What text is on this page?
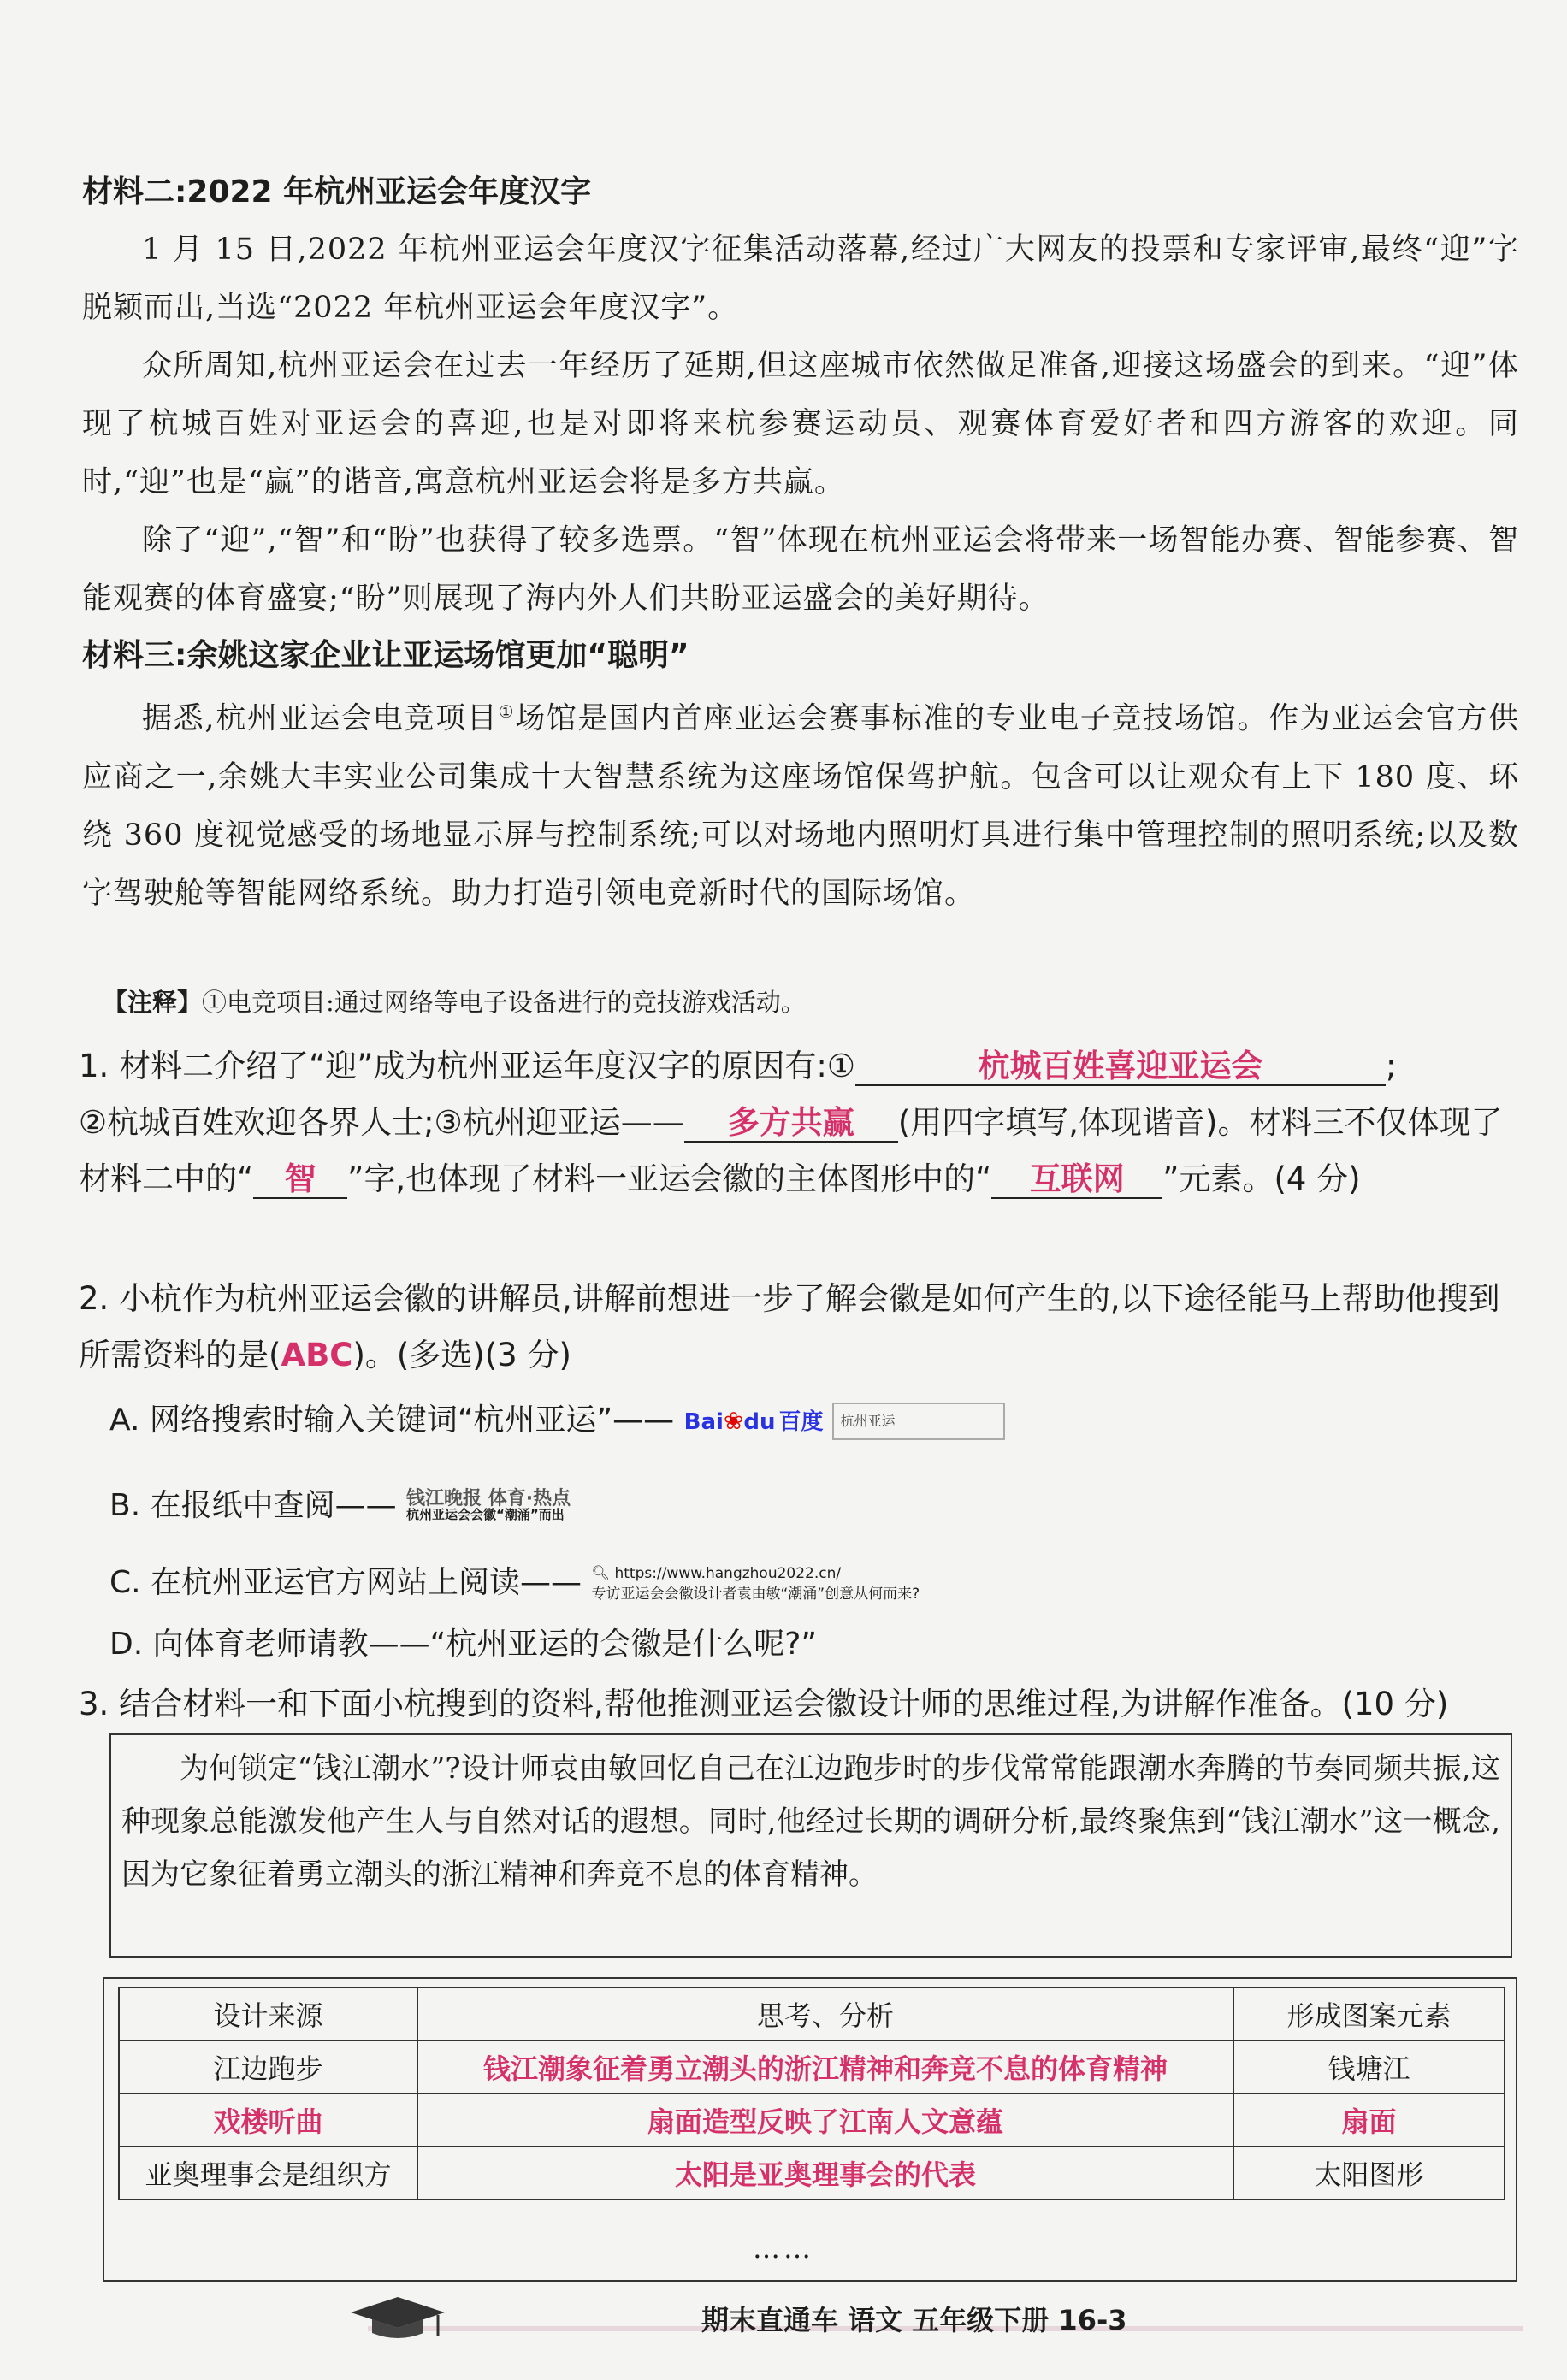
材料二:2022 年杭州亚运会年度汉字
1 月 15 日,2022 年杭州亚运会年度汉字征集活动落幕,经过广大网友的投票和专家评审,最终“迎”字脱颖而出,当选“2022 年杭州亚运会年度汉字”。
众所周知,杭州亚运会在过去一年经历了延期,但这座城市依然做足准备,迎接这场盛会的到来。“迎”体现了杭城百姓对亚运会的喜迎,也是对即将来杭参赛运动员、观赛体育爱好者和四方游客的欢迎。同时,“迎”也是“赢”的谐音,寓意杭州亚运会将是多方共赢。
除了“迎”,“智”和“盼”也获得了较多选票。“智”体现在杭州亚运会将带来一场智能办赛、智能参赛、智能观赛的体育盛宴;“盼”则展现了海内外人们共盼亚运盛会的美好期待。
材料三:余姚这家企业让亚运场馆更加“聪明”
据悉,杭州亚运会电竞项目①场馆是国内首座亚运会赛事标准的专业电子竞技场馆。作为亚运会官方供应商之一,余姚大丰实业公司集成十大智慧系统为这座场馆保驾护航。包含可以让观众有上下 180 度、环绕 360 度视觉感受的场地显示屏与控制系统;可以对场地内照明灯具进行集中管理控制的照明系统;以及数字驾驶舱等智能网络系统。助力打造引领电竞新时代的国际场馆。
【注释】①电竞项目:通过网络等电子设备进行的竞技游戏活动。
1. 材料二介绍了“迎”成为杭州亚运年度汉字的原因有:①	杭城百姓喜迎亚运会	;
②杭城百姓欢迎各界人士;③杭州迎亚运—— 多方共赢 (用四字填写,体现谐音)。材料三不仅体现了材料二中的“ 智 ”字,也体现了材料一亚运会徽的主体图形中的“ 互联网 ”元素。(4 分)
2. 小杭作为杭州亚运会徽的讲解员,讲解前想进一步了解会徽是如何产生的,以下途径能马上帮助他搜到所需资料的是(ABC)。(多选)(3 分)
A. 网络搜索时输入关键词“杭州亚运”—— Bai❀du 百度	杭州亚运
B. 在报纸中查阅—— 钱江晚报 体育·热点
杭州亚运会会徽“潮涌”而出
C. 在杭州亚运官方网站上阅读—— 🔍︎ https://www.hangzhou2022.cn/
专访亚运会会徽设计者袁由敏“潮涌”创意从何而来?
D. 向体育老师请教——“杭州亚运的会徽是什么呢?”
3. 结合材料一和下面小杭搜到的资料,帮他推测亚运会徽设计师的思维过程,为讲解作准备。(10 分)

为何锁定“钱江潮水”?设计师袁由敏回忆自己在江边跑步时的步伐常常能跟潮水奔腾的节奏同频共振,这种现象总能激发他产生人与自然对话的遐想。同时,他经过长期的调研分析,最终聚焦到“钱江潮水”这一概念,因为它象征着勇立潮头的浙江精神和奔竞不息的体育精神。

设计来源	思考、分析	形成图案元素
江边跑步	钱江潮象征着勇立潮头的浙江精神和奔竞不息的体育精神	钱塘江
戏楼听曲	扇面造型反映了江南人文意蕴	扇面
亚奥理事会是组织方	太阳是亚奥理事会的代表	太阳图形
……
期末直通车 语文 五年级下册 16-3
